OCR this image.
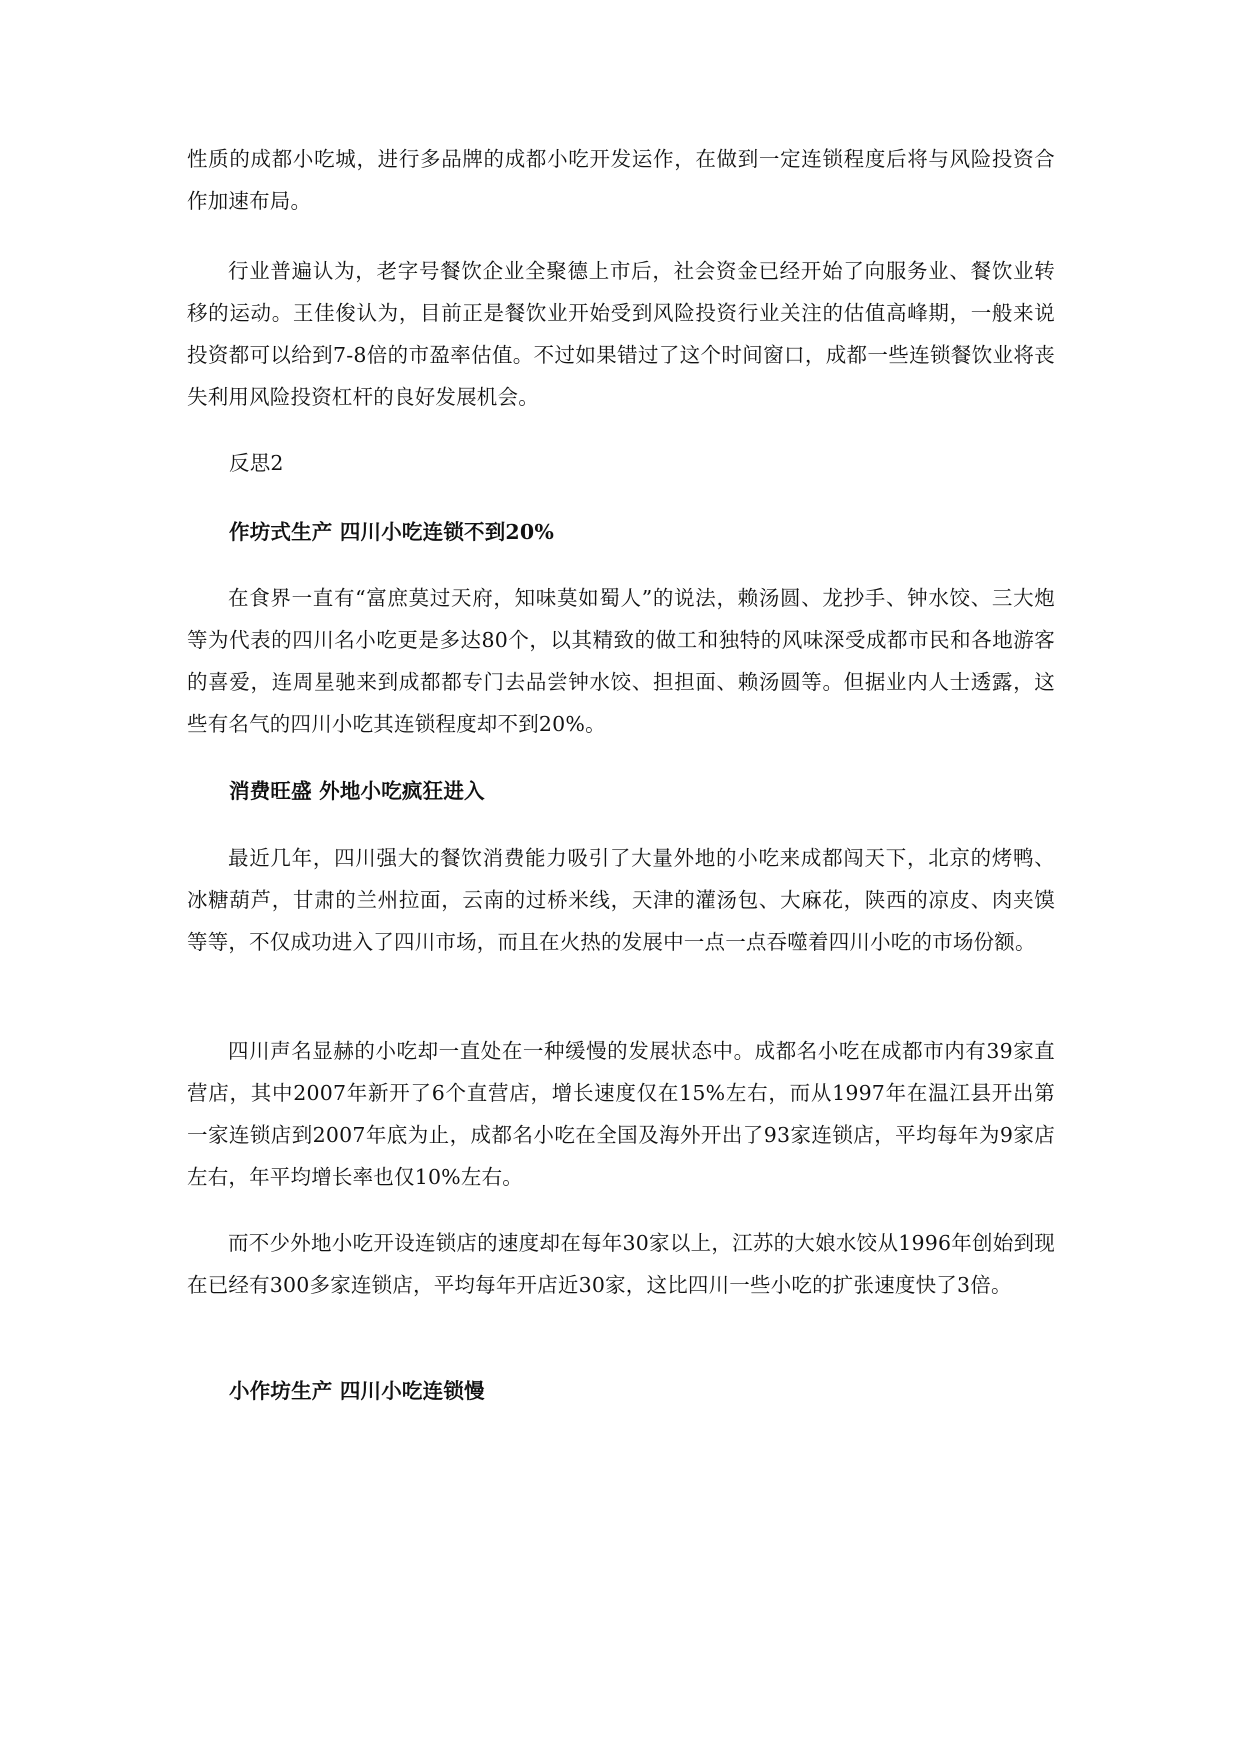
性质的成都小吃城，进行多品牌的成都小吃开发运作，在做到一定连锁程度后将与风险投资合作加速布局。

行业普遍认为，老字号餐饮企业全聚德上市后，社会资金已经开始了向服务业、餐饮业转移的运动。王佳俊认为，目前正是餐饮业开始受到风险投资行业关注的估值高峰期，一般来说投资都可以给到7-8倍的市盈率估值。不过如果错过了这个时间窗口，成都一些连锁餐饮业将丧失利用风险投资杠杆的良好发展机会。

反思2

作坊式生产 四川小吃连锁不到20%

在食界一直有“富庶莫过天府，知味莫如蜀人”的说法，赖汤圆、龙抄手、钟水饺、三大炮等为代表的四川名小吃更是多达80个，以其精致的做工和独特的风味深受成都市民和各地游客的喜爱，连周星驰来到成都都专门去品尝钟水饺、担担面、赖汤圆等。但据业内人士透露，这些有名气的四川小吃其连锁程度却不到20%。

消费旺盛 外地小吃疯狂进入

最近几年，四川强大的餐饮消费能力吸引了大量外地的小吃来成都闯天下，北京的烤鸭、冰糖葫芦，甘肃的兰州拉面，云南的过桥米线，天津的灌汤包、大麻花，陕西的凉皮、肉夹馍等等，不仅成功进入了四川市场，而且在火热的发展中一点一点吞噬着四川小吃的市场份额。

四川声名显赫的小吃却一直处在一种缓慢的发展状态中。成都名小吃在成都市内有39家直营店，其中2007年新开了6个直营店，增长速度仅在15%左右，而从1997年在温江县开出第一家连锁店到2007年底为止，成都名小吃在全国及海外开出了93家连锁店，平均每年为9家店左右，年平均增长率也仅10%左右。

而不少外地小吃开设连锁店的速度却在每年30家以上，江苏的大娘水饺从1996年创始到现在已经有300多家连锁店，平均每年开店近30家，这比四川一些小吃的扩张速度快了3倍。

小作坊生产 四川小吃连锁慢
